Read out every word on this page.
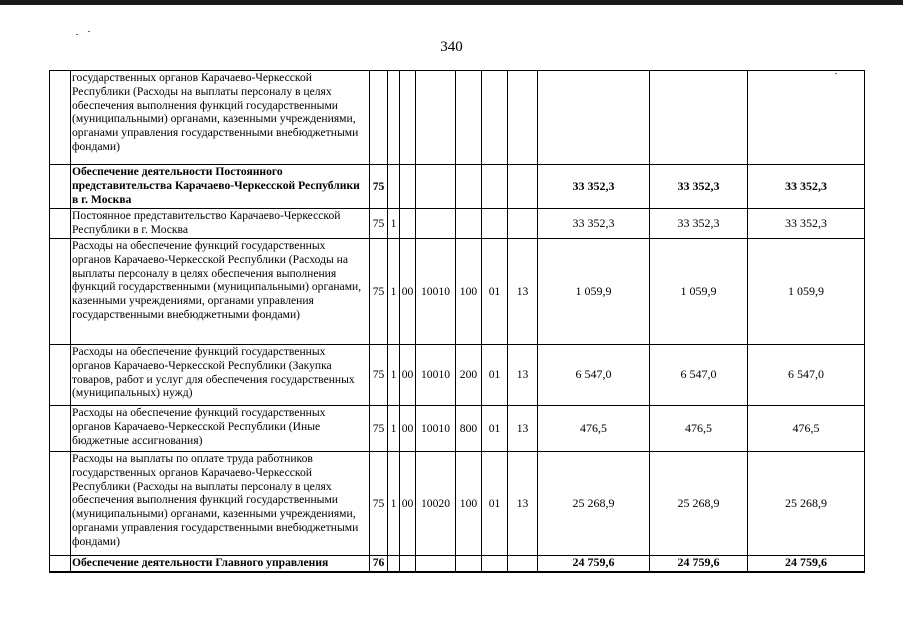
340
	государственных органов Карачаево-Черкесской Республики (Расходы на выплаты персоналу в целях обеспечения выполнения функций государственными (муниципальными) органами, казенными учреждениями, органами управления государственными внебюджетными фондами)										
	Обеспечение деятельности Постоянного представительства Карачаево-Черкесской Республики в г. Москва	75							33 352,3	33 352,3	33 352,3
	Постоянное представительство Карачаево-Черкесской Республики в г. Москва	75	1						33 352,3	33 352,3	33 352,3
	Расходы на обеспечение функций государственных органов Карачаево-Черкесской Республики (Расходы на выплаты персоналу в целях обеспечения выполнения функций государственными (муниципальными) органами, казенными учреждениями, органами управления государственными внебюджетными фондами)	75	1	00	10010	100	01	13	1 059,9	1 059,9	1 059,9
	Расходы на обеспечение функций государственных органов Карачаево-Черкесской Республики (Закупка товаров, работ и услуг для обеспечения государственных (муниципальных) нужд)	75	1	00	10010	200	01	13	6 547,0	6 547,0	6 547,0
	Расходы на обеспечение функций государственных органов Карачаево-Черкесской Республики (Иные бюджетные ассигнования)	75	1	00	10010	800	01	13	476,5	476,5	476,5
	Расходы на выплаты по оплате труда работников государственных органов Карачаево-Черкесской Республики (Расходы на выплаты персоналу в целях обеспечения выполнения функций государственными (муниципальными) органами, казенными учреждениями, органами управления государственными внебюджетными фондами)	75	1	00	10020	100	01	13	25 268,9	25 268,9	25 268,9
	Обеспечение деятельности Главного управления	76							24 759,6	24 759,6	24 759,6
